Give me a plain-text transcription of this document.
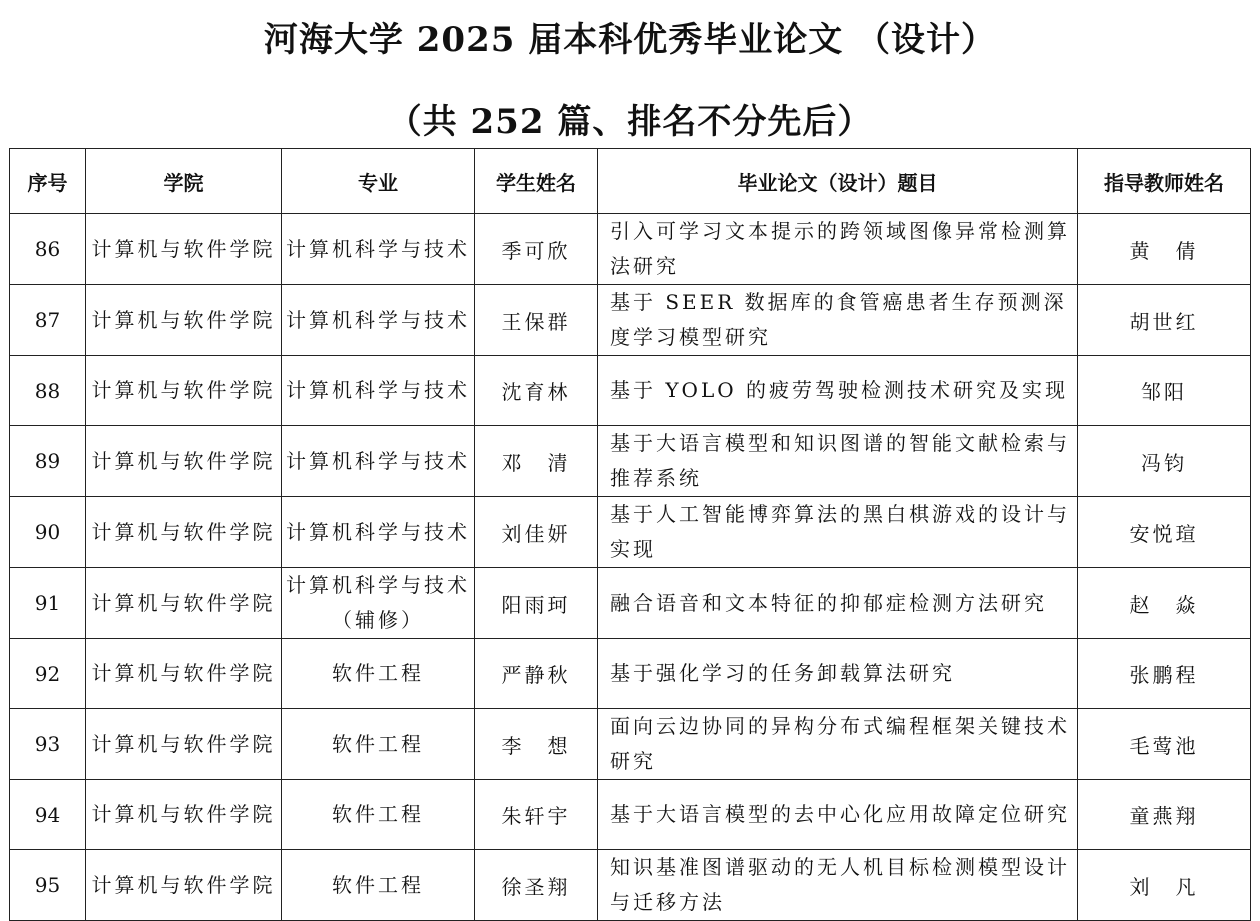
河海大学 2025 届本科优秀毕业论文 （设计）
（共 252 篇、排名不分先后）
序号	学院	专业	学生姓名	毕业论文（设计）题目	指导教师姓名
86	计算机与软件学院	计算机科学与技术	季可欣	引入可学习文本提示的跨领域图像异常检测算法研究	黄　倩
87	计算机与软件学院	计算机科学与技术	王保群	基于 SEER 数据库的食管癌患者生存预测深度学习模型研究	胡世红
88	计算机与软件学院	计算机科学与技术	沈育林	基于 YOLO 的疲劳驾驶检测技术研究及实现	邹阳
89	计算机与软件学院	计算机科学与技术	邓　清	基于大语言模型和知识图谱的智能文献检索与推荐系统	冯钧
90	计算机与软件学院	计算机科学与技术	刘佳妍	基于人工智能博弈算法的黑白棋游戏的设计与实现	安悦瑄
91	计算机与软件学院	计算机科学与技术（辅修）	阳雨珂	融合语音和文本特征的抑郁症检测方法研究	赵　焱
92	计算机与软件学院	软件工程	严静秋	基于强化学习的任务卸载算法研究	张鹏程
93	计算机与软件学院	软件工程	李　想	面向云边协同的异构分布式编程框架关键技术研究	毛莺池
94	计算机与软件学院	软件工程	朱轩宇	基于大语言模型的去中心化应用故障定位研究	童燕翔
95	计算机与软件学院	软件工程	徐圣翔	知识基准图谱驱动的无人机目标检测模型设计与迁移方法	刘　凡
